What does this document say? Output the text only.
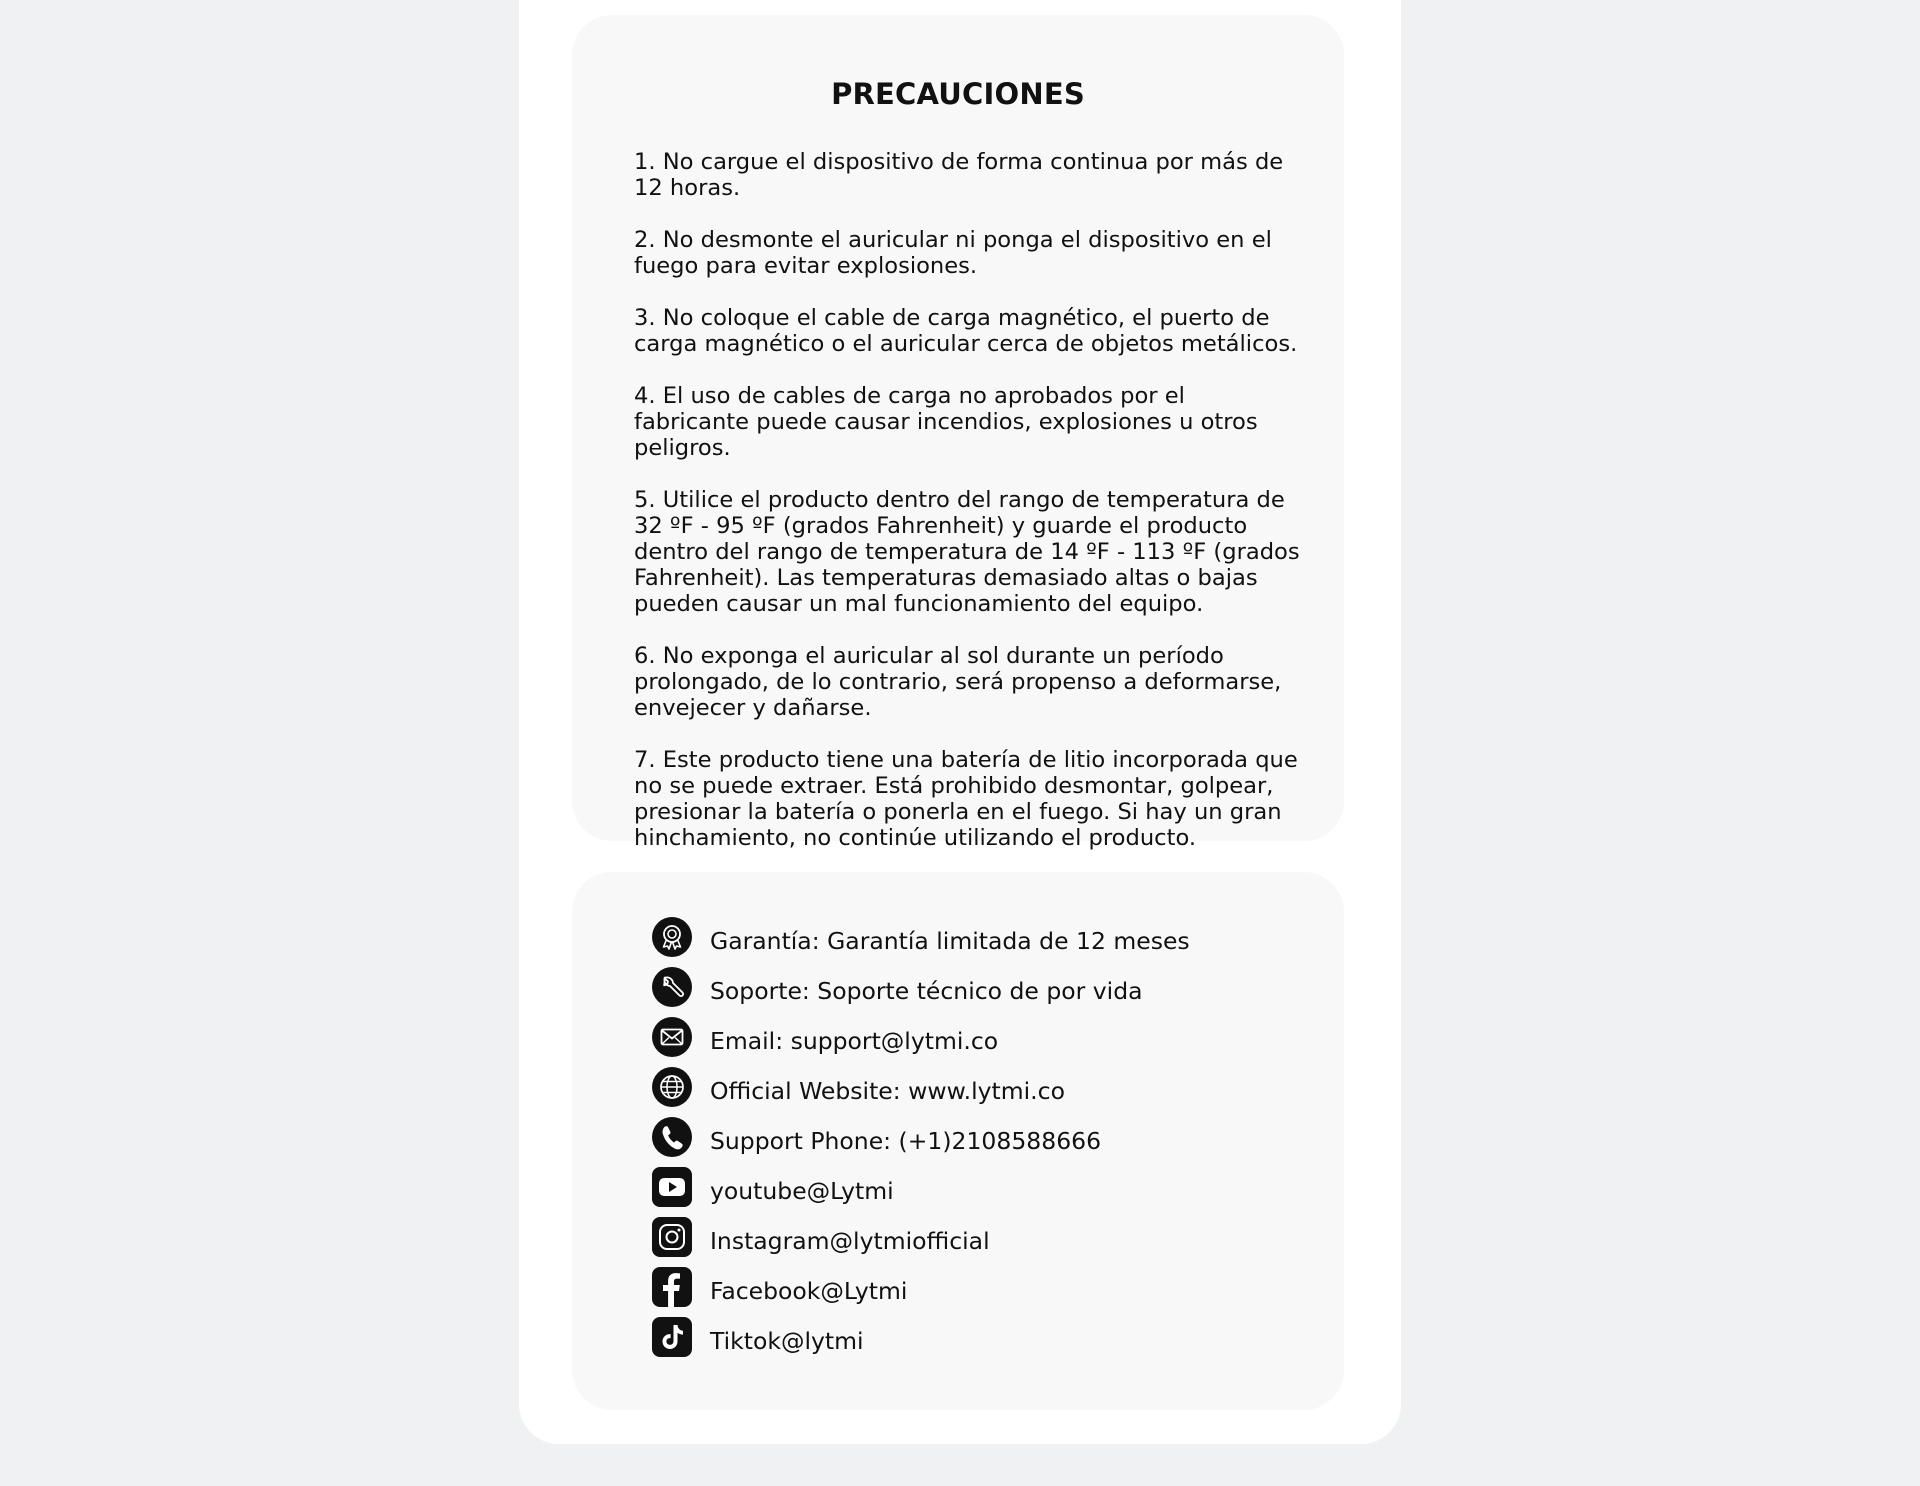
PRECAUCIONES

1. No cargue el dispositivo de forma continua por más de 12 horas.

2. No desmonte el auricular ni ponga el dispositivo en el fuego para evitar explosiones.

3. No coloque el cable de carga magnético, el puerto de carga magnético o el auricular cerca de objetos metálicos.

4. El uso de cables de carga no aprobados por el fabricante puede causar incendios, explosiones u otros peligros.

5. Utilice el producto dentro del rango de temperatura de 32 ºF - 95 ºF (grados Fahrenheit) y guarde el producto dentro del rango de temperatura de 14 ºF - 113 ºF (grados Fahrenheit). Las temperaturas demasiado altas o bajas pueden causar un mal funcionamiento del equipo.

6. No exponga el auricular al sol durante un período prolongado, de lo contrario, será propenso a deformarse, envejecer y dañarse.

7. Este producto tiene una batería de litio incorporada que no se puede extraer. Está prohibido desmontar, golpear, presionar la batería o ponerla en el fuego. Si hay un gran hinchamiento, no continúe utilizando el producto.

Garantía: Garantía limitada de 12 meses
Soporte: Soporte técnico de por vida
Email: support@lytmi.co
Official Website: www.lytmi.co
Support Phone: (+1)2108588666
youtube@Lytmi
Instagram@lytmiofficial
Facebook@Lytmi
Tiktok@lytmi
